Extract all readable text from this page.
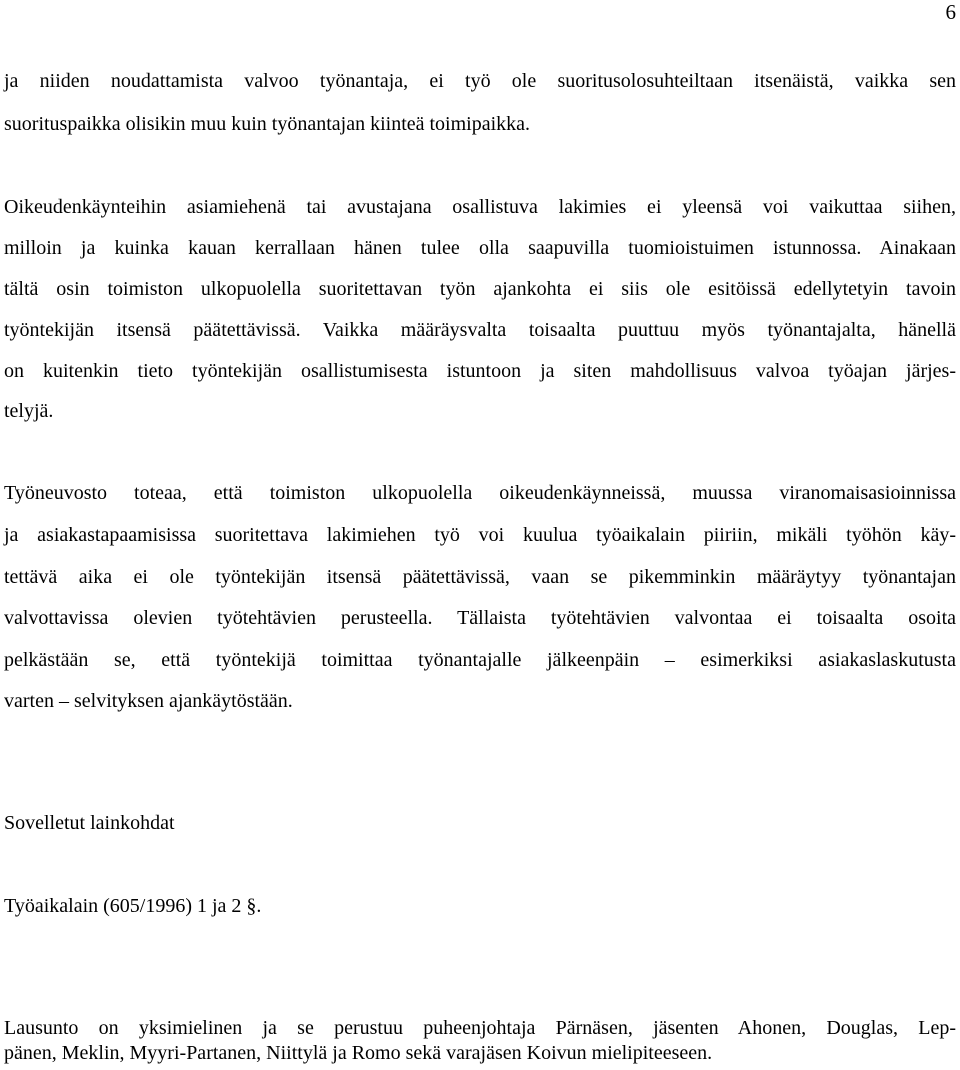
6
ja niiden noudattamista valvoo työnantaja, ei työ ole suoritusolosuhteiltaan itsenäistä, vaikka sen
suorituspaikka olisikin muu kuin työnantajan kiinteä toimipaikka.
Oikeudenkäynteihin asiamiehenä tai avustajana osallistuva lakimies ei yleensä voi vaikuttaa siihen,
milloin ja kuinka kauan kerrallaan hänen tulee olla saapuvilla tuomioistuimen istunnossa. Ainakaan
tältä osin toimiston ulkopuolella suoritettavan työn ajankohta ei siis ole esitöissä edellytetyin tavoin
työntekijän itsensä päätettävissä. Vaikka määräysvalta toisaalta puuttuu myös työnantajalta, hänellä
on kuitenkin tieto työntekijän osallistumisesta istuntoon ja siten mahdollisuus valvoa työajan järjes-
telyjä.
Työneuvosto toteaa, että toimiston ulkopuolella oikeudenkäynneissä, muussa viranomaisasioinnissa
ja asiakastapaamisissa suoritettava lakimiehen työ voi kuulua työaikalain piiriin, mikäli työhön käy-
tettävä aika ei ole työntekijän itsensä päätettävissä, vaan se pikemminkin määräytyy työnantajan
valvottavissa olevien työtehtävien perusteella. Tällaista työtehtävien valvontaa ei toisaalta osoita
pelkästään se, että työntekijä toimittaa työnantajalle jälkeenpäin – esimerkiksi asiakaslaskutusta
varten – selvityksen ajankäytöstään.
Sovelletut lainkohdat
Työaikalain (605/1996) 1 ja 2 §.
Lausunto on yksimielinen ja se perustuu puheenjohtaja Pärnäsen, jäsenten Ahonen, Douglas, Lep-
pänen, Meklin, Myyri-Partanen, Niittylä ja Romo sekä varajäsen Koivun mielipiteeseen.
